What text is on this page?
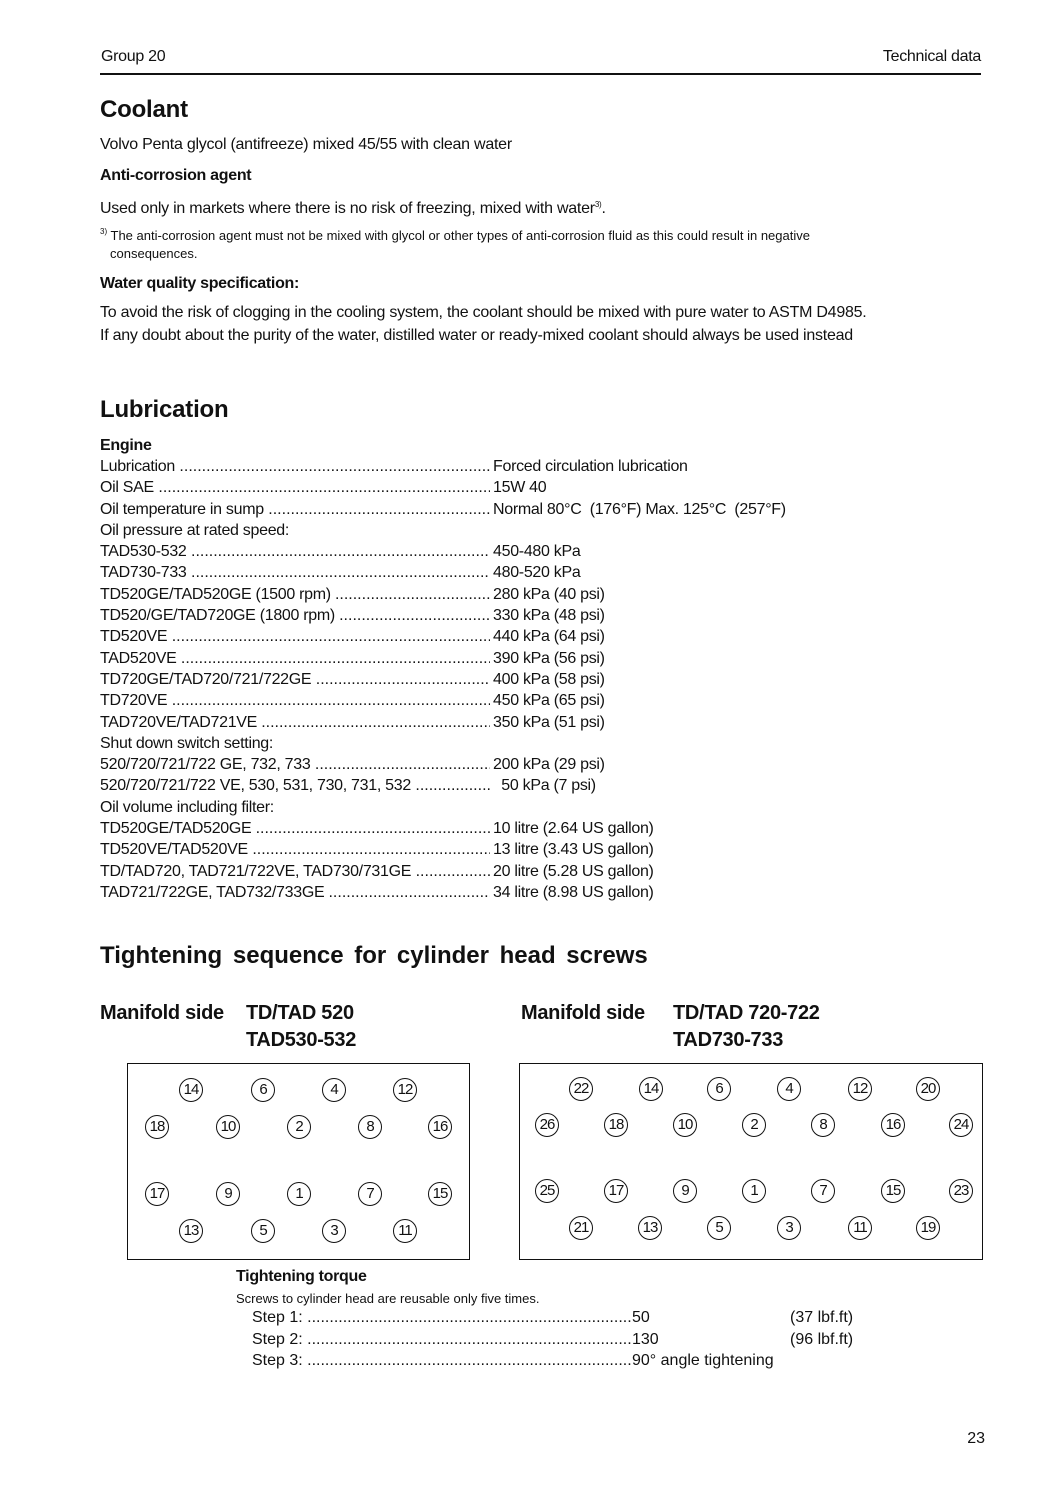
Group 20	Technical data
Coolant
Volvo Penta glycol (antifreeze) mixed 45/55 with clean water
Anti-corrosion agent
Used only in markets where there is no risk of freezing, mixed with water$^{3)}$.
$^{3)}$ The anti-corrosion agent must not be mixed with glycol or other types of anti-corrosion fluid as this could result in negative
consequences.
Water quality specification:
To avoid the risk of clogging in the cooling system, the coolant should be mixed with pure water to ASTM D4985.
If any doubt about the purity of the water, distilled water or ready-mixed coolant should always be used instead
Lubrication
Engine
Lubrication .....	Forced circulation lubrication
Oil SAE .....	15W 40
Oil temperature in sump .....	Normal 80°C  (176°F) Max. 125°C  (257°F)
Oil pressure at rated speed:
TAD530-532 .....	450-480 kPa
TAD730-733 .....	480-520 kPa
TD520GE/TAD520GE (1500 rpm) .....	280 kPa (40 psi)
TD520/GE/TAD720GE (1800 rpm) .....	330 kPa (48 psi)
TD520VE .....	440 kPa (64 psi)
TAD520VE .....	390 kPa (56 psi)
TD720GE/TAD720/721/722GE .....	400 kPa (58 psi)
TD720VE .....	450 kPa (65 psi)
TAD720VE/TAD721VE .....	350 kPa (51 psi)
Shut down switch setting:
520/720/721/722 GE, 732, 733 .....	200 kPa (29 psi)
520/720/721/722 VE, 530, 531, 730, 731, 532 .....	50 kPa (7 psi)
Oil volume including filter:
TD520GE/TAD520GE .....	10 litre (2.64 US gallon)
TD520VE/TAD520VE .....	13 litre (3.43 US gallon)
TD/TAD720, TAD721/722VE, TAD730/731GE .....	20 litre (5.28 US gallon)
TAD721/722GE, TAD732/733GE .....	34 litre (8.98 US gallon)
Tightening sequence for cylinder head screws
Manifold side TD/TAD 520
TAD530-532
Manifold side TD/TAD 720-722
TAD730-733
14	6	4	12
18	10	2	8	16
17	9	1	7	15
13	5	3	11
22	14	6	4	12	20
26	18	10	2	8	16	24
25	17	9	1	7	15	23
21	13	5	3	11	19
Tightening torque
Screws to cylinder head are reusable only five times.
Step 1: .....	50	(37 lbf.ft)
Step 2: .....	130	(96 lbf.ft)
Step 3: .....	90° angle tightening
23
